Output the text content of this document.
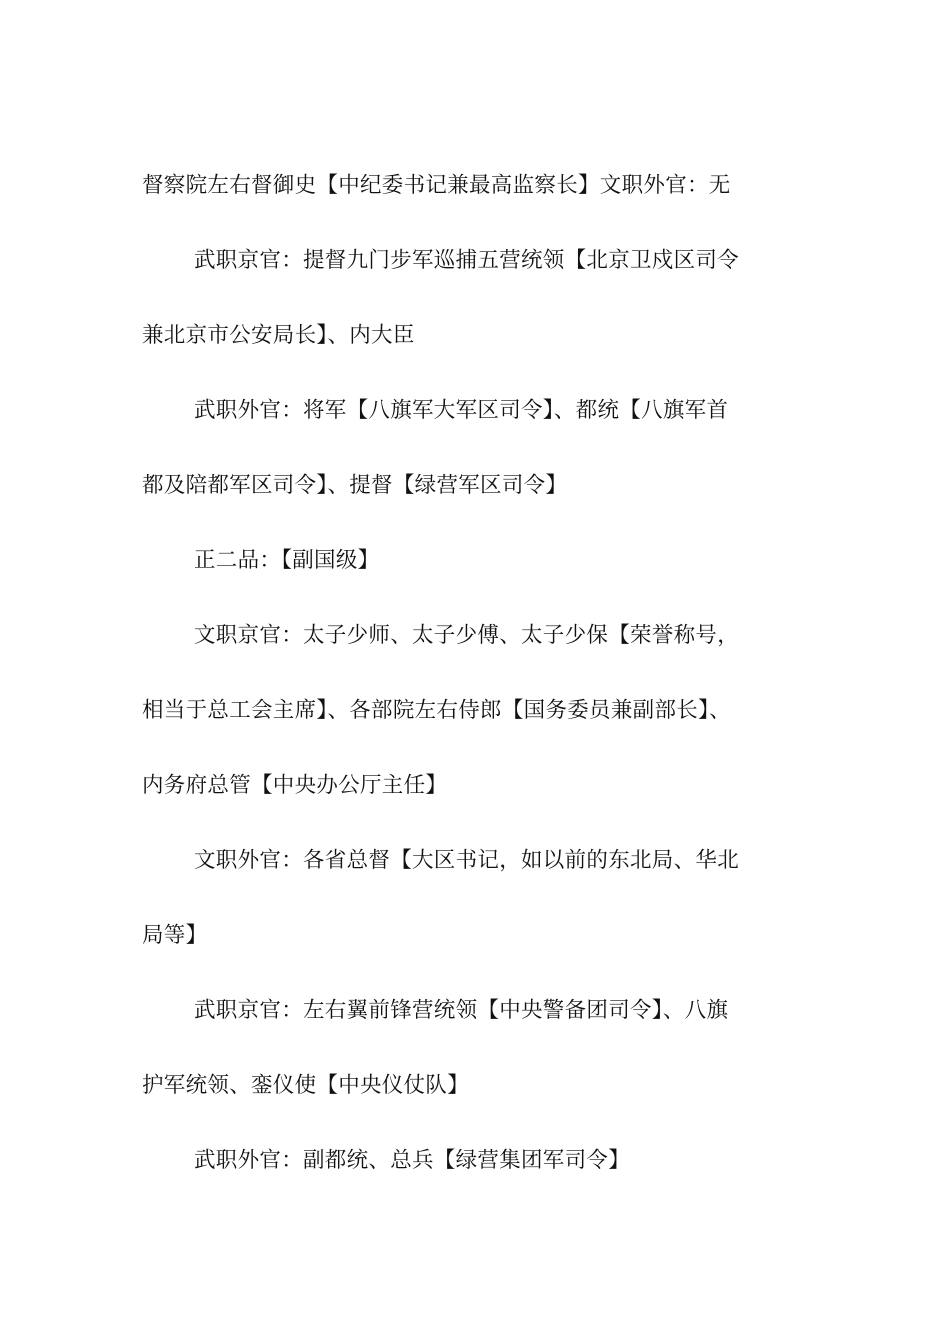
督察院左右督御史【中纪委书记兼最高监察长】文职外官：无
武职京官：提督九门步军巡捕五营统领【北京卫戍区司令
兼北京市公安局长】、内大臣
武职外官：将军【八旗军大军区司令】、都统【八旗军首
都及陪都军区司令】、提督【绿营军区司令】
正二品：【副国级】
文职京官：太子少师、太子少傅、太子少保【荣誉称号，
相当于总工会主席】、各部院左右侍郎【国务委员兼副部长】、
内务府总管【中央办公厅主任】
文职外官：各省总督【大区书记，如以前的东北局、华北
局等】
武职京官：左右翼前锋营统领【中央警备团司令】、八旗
护军统领、銮仪使【中央仪仗队】
武职外官：副都统、总兵【绿营集团军司令】
